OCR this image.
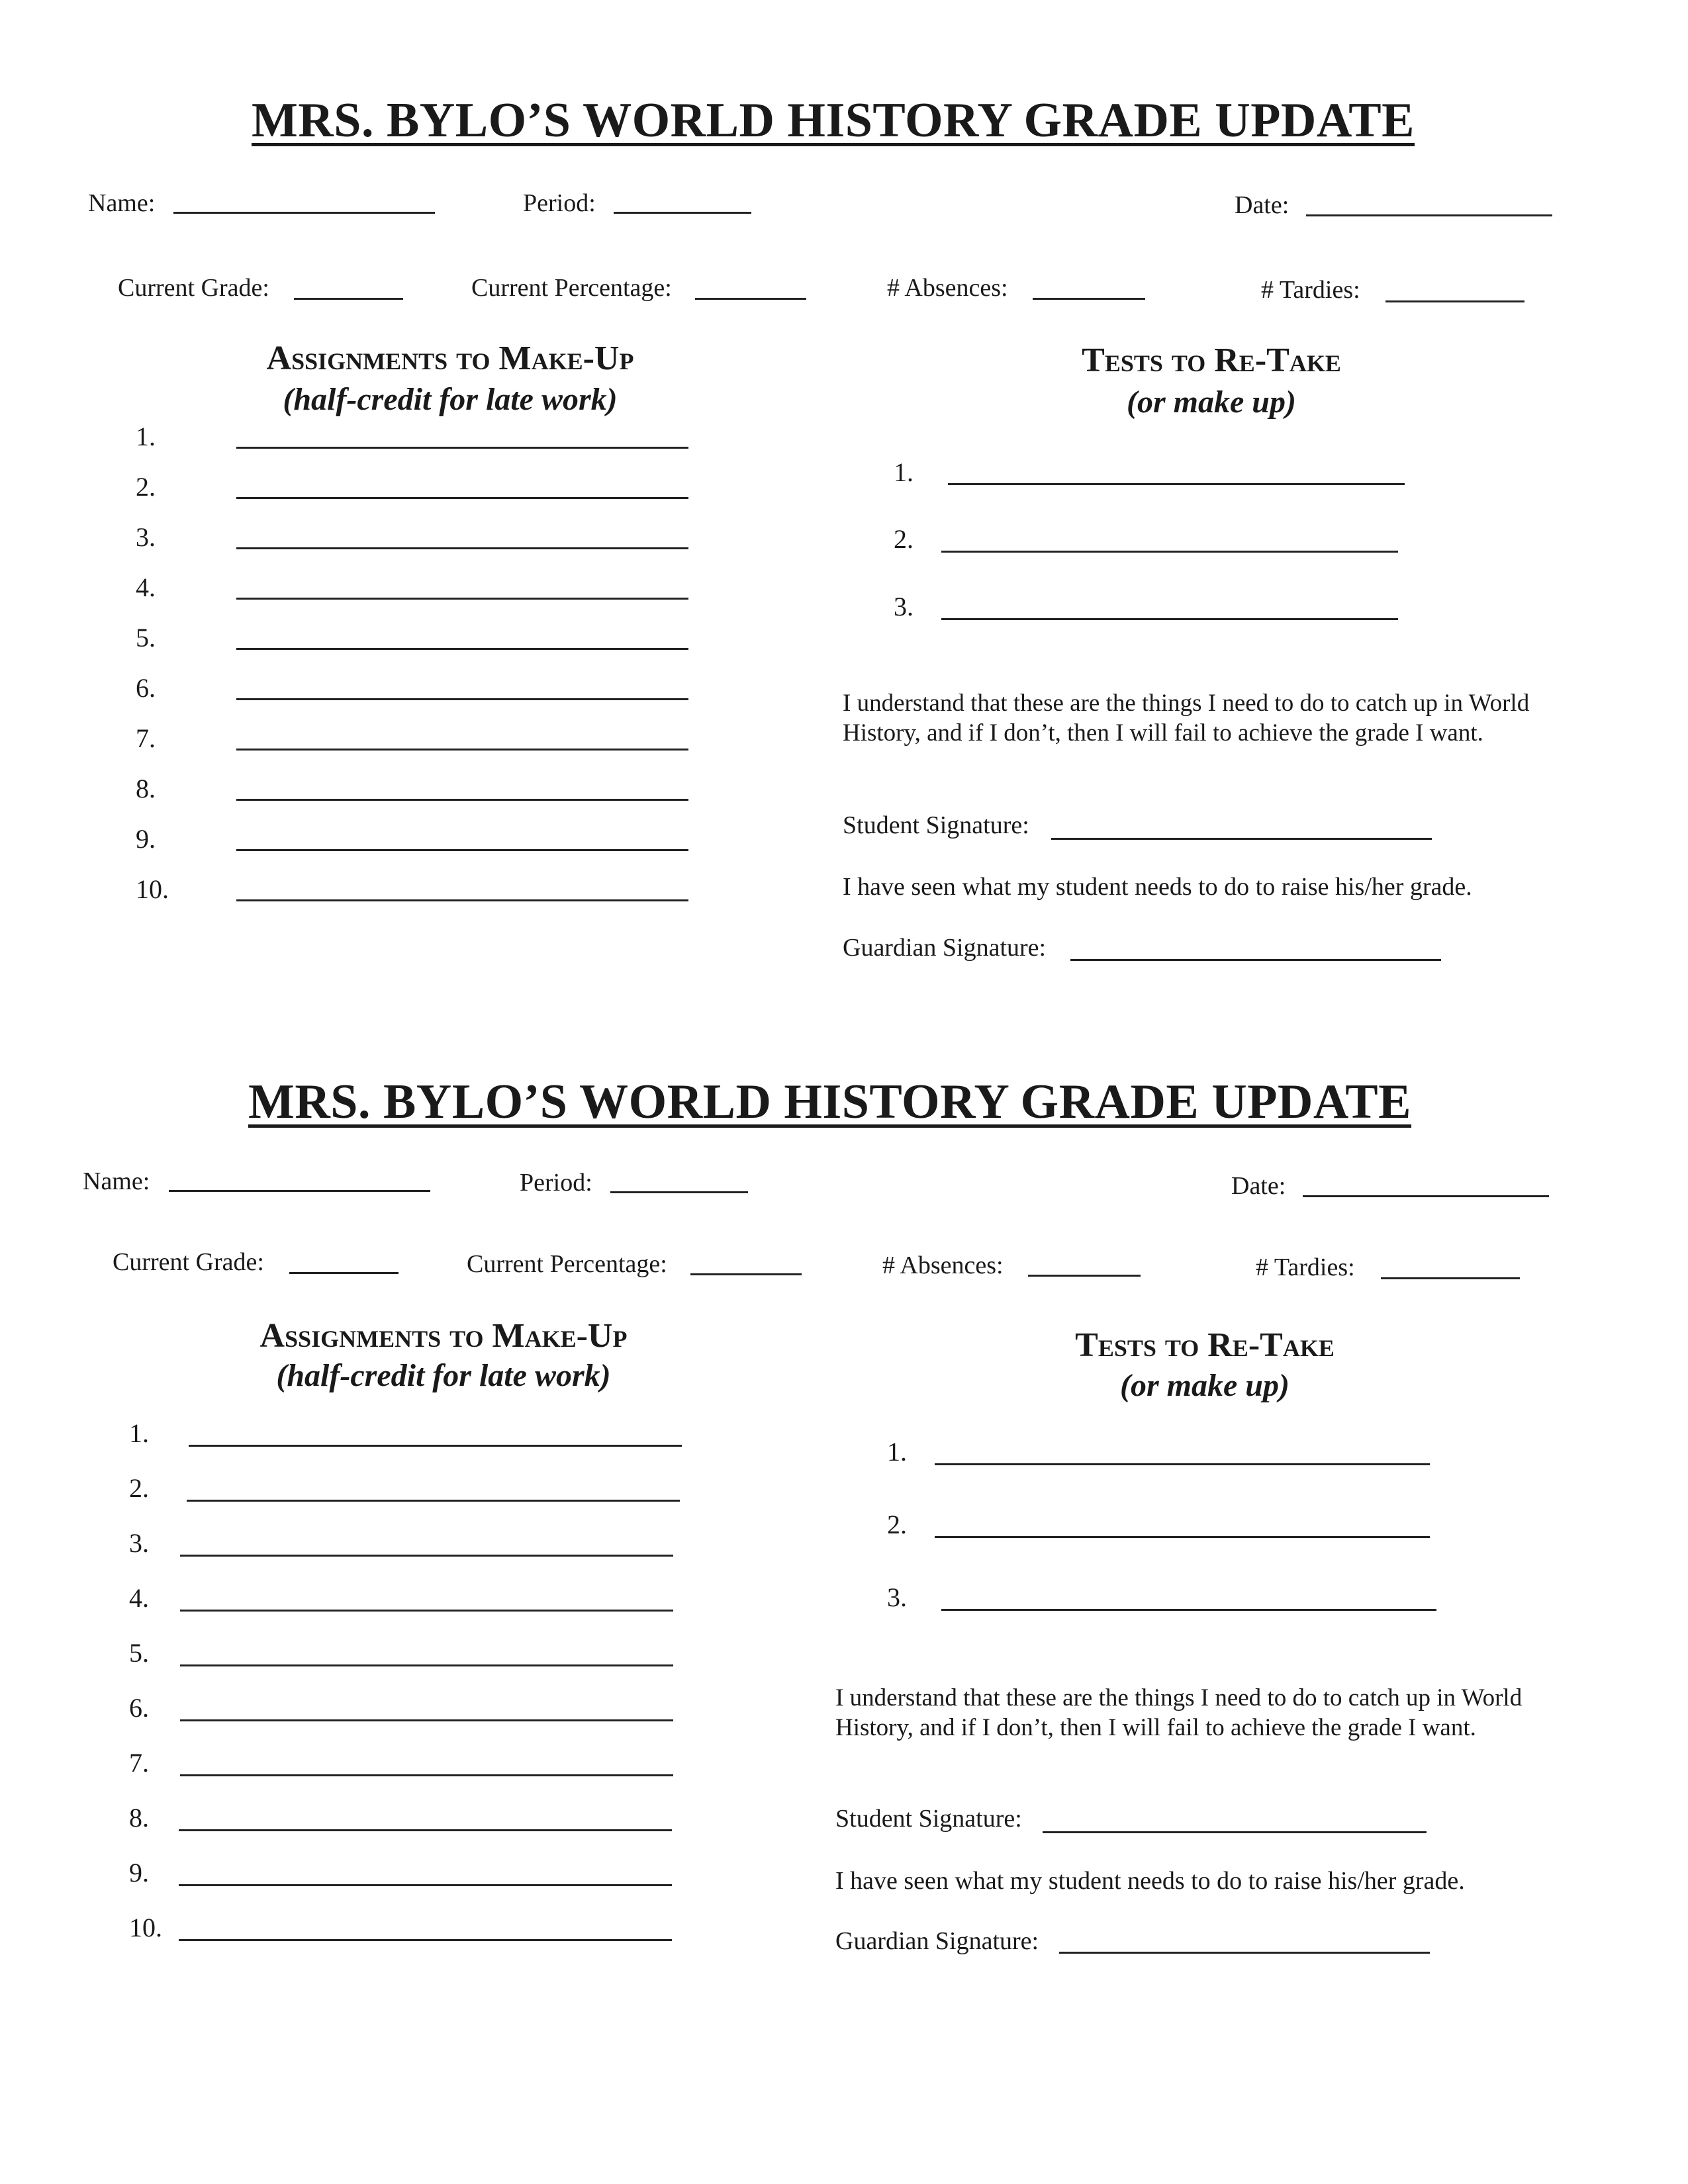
MRS. BYLO’S WORLD HISTORY GRADE UPDATE
Name:	Period:	Date:
Current Grade:	Current Percentage:	# Absences:	# Tardies:
Assignments to Make-Up
(half-credit for late work)
1.
2.
3.
4.
5.
6.
7.
8.
9.
10.
Tests to Re-Take
(or make up)
1.
2.
3.
I understand that these are the things I need to do to catch up in World History, and if I don’t, then I will fail to achieve the grade I want.
Student Signature:
I have seen what my student needs to do to raise his/her grade.
Guardian Signature:
MRS. BYLO’S WORLD HISTORY GRADE UPDATE
Name:	Period:	Date:
Current Grade:	Current Percentage:	# Absences:	# Tardies:
Assignments to Make-Up
(half-credit for late work)
1.
2.
3.
4.
5.
6.
7.
8.
9.
10.
Tests to Re-Take
(or make up)
1.
2.
3.
I understand that these are the things I need to do to catch up in World History, and if I don’t, then I will fail to achieve the grade I want.
Student Signature:
I have seen what my student needs to do to raise his/her grade.
Guardian Signature:
